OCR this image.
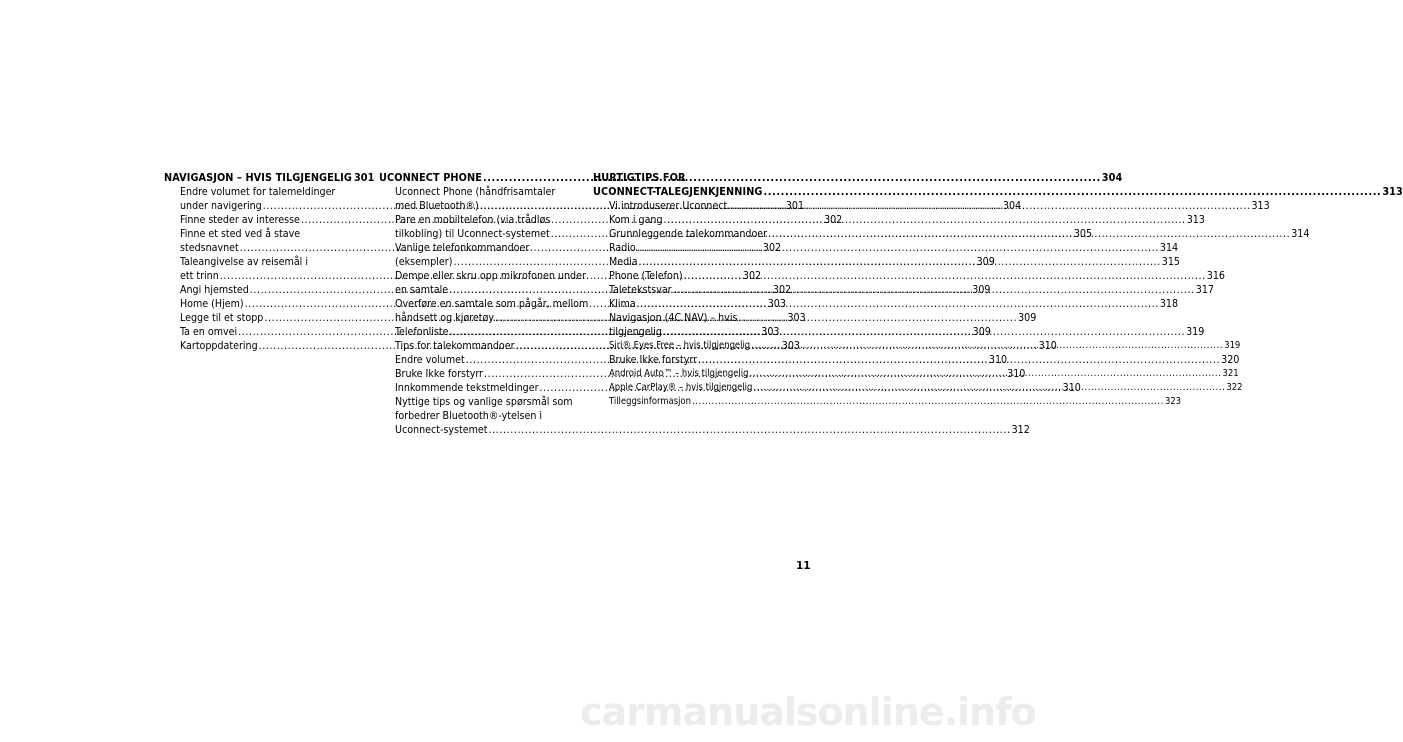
NAVIGASJON – HVIS TILGJENGELIG 301
Endre volumet for talemeldinger
under navigering .....	301
Finne steder av interesse .....	302
Finne et sted ved å stave
stedsnavnet .....	302
Taleangivelse av reisemål i
ett trinn .....	302
Angi hjemsted .....	302
Home (Hjem) .....	303
Legge til et stopp .....	303
Ta en omvei .....	303
Kartoppdatering .....	303
UCONNECT PHONE .....	304
Uconnect Phone (håndfrisamtaler
med Bluetooth®) .....	304
Pare en mobiltelefon (via trådløs
tilkobling) til Uconnect-systemet .....	305
Vanlige telefonkommandoer
(eksempler) .....	309
Dempe eller skru opp mikrofonen under
en samtale .....	309
Overføre en samtale som pågår, mellom
håndsett og kjøretøy .....	309
Telefonliste .....	309
Tips for talekommandoer .....	310
Endre volumet .....	310
Bruke Ikke forstyrr .....	310
Innkommende tekstmeldinger .....	310
Nyttige tips og vanlige spørsmål som
forbedrer Bluetooth®-ytelsen i
Uconnect-systemet .....	312
HURTIGTIPS FOR
UCONNECT-TALEGJENKJENNING .....	313
Vi introduserer Uconnect .....	313
Kom i gang .....	313
Grunnleggende talekommandoer .....	314
Radio .....	314
Media .....	315
Phone (Telefon) .....	316
Taletekstsvar .....	317
Klima .....	318
Navigasjon (4C NAV) – hvis
tilgjengelig .....	319
Siri® Eyes Free – hvis tilgjengelig .....	319
Bruke Ikke forstyrr .....	320
Android Auto™ – hvis tilgjengelig .....	321
Apple CarPlay® – hvis tilgjengelig .....	322
Tilleggsinformasjon .....	323
11
carmanualsonline.info
